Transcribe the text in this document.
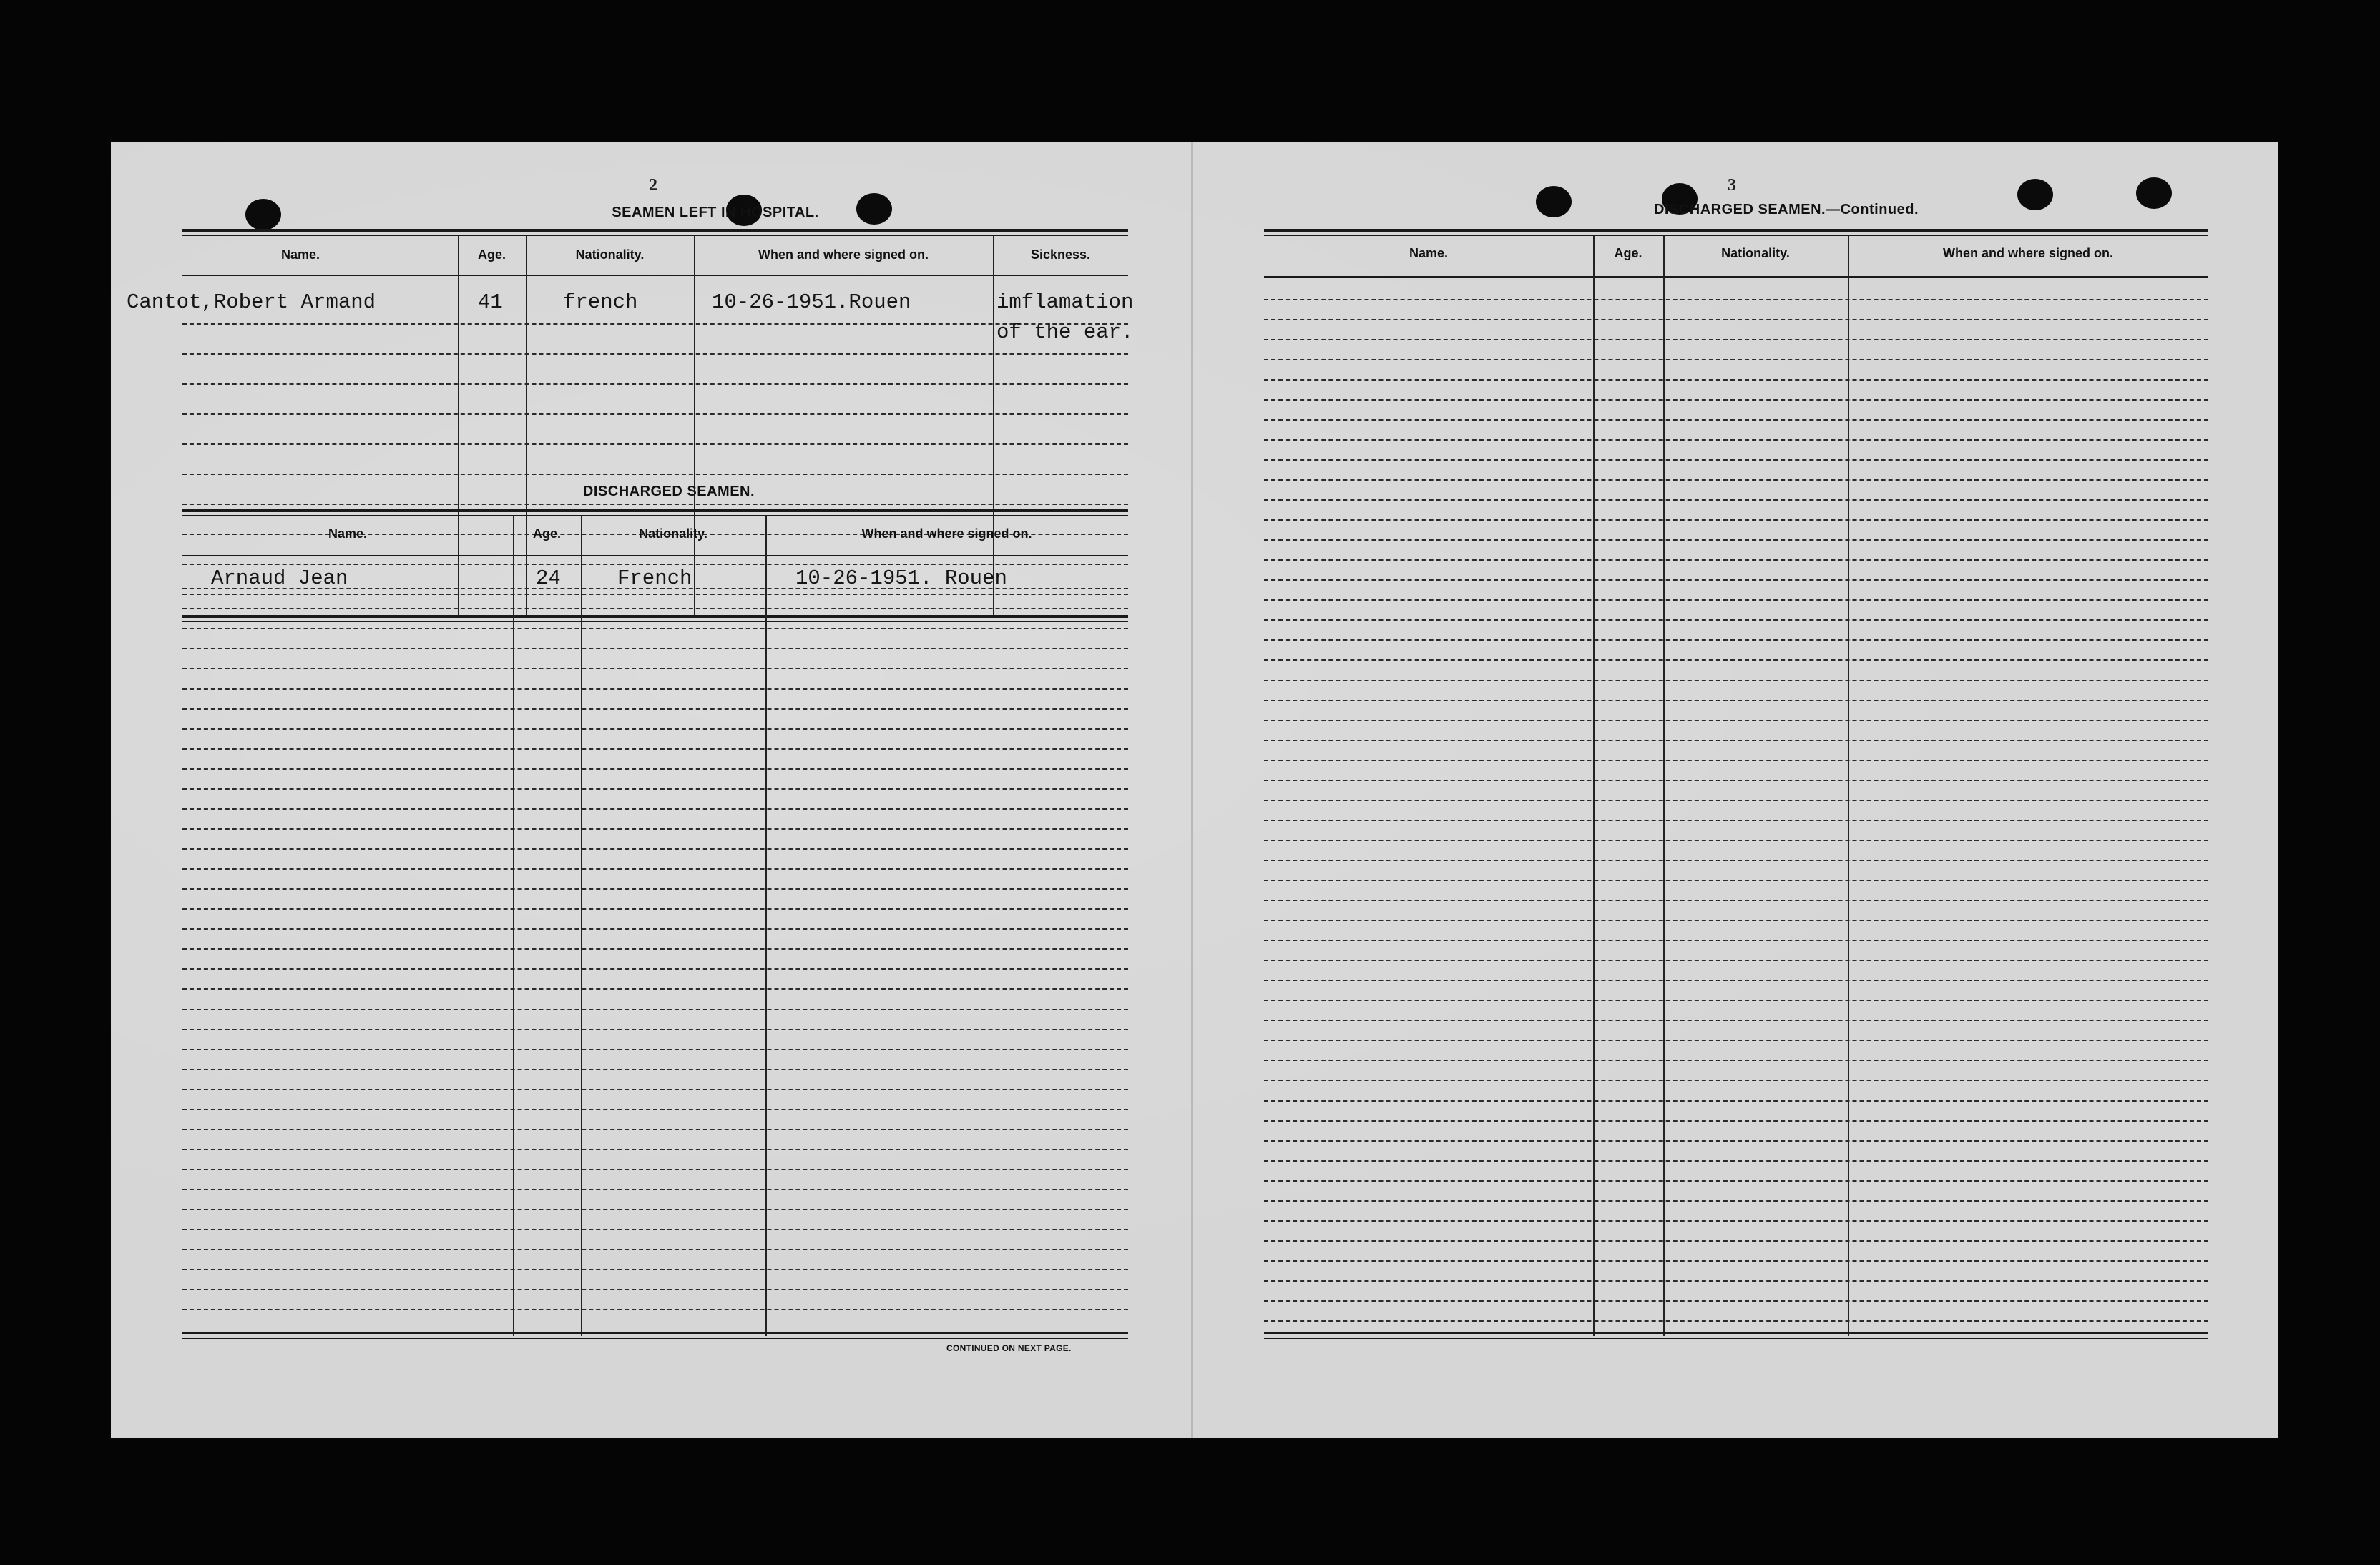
2
SEAMEN LEFT IN HOSPITAL.
Name.	Age.	Nationality.	When and where signed on.	Sickness.
Cantot,Robert Armand	41	french	10-26-1951.Rouen	imflamation
of the ear.
DISCHARGED SEAMEN.
Name.	Age.	Nationality.	When and where signed on.
Arnaud Jean	24	French	10-26-1951. Rouen
CONTINUED ON NEXT PAGE.
3
DISCHARGED SEAMEN.—Continued.
Name.	Age.	Nationality.	When and where signed on.
